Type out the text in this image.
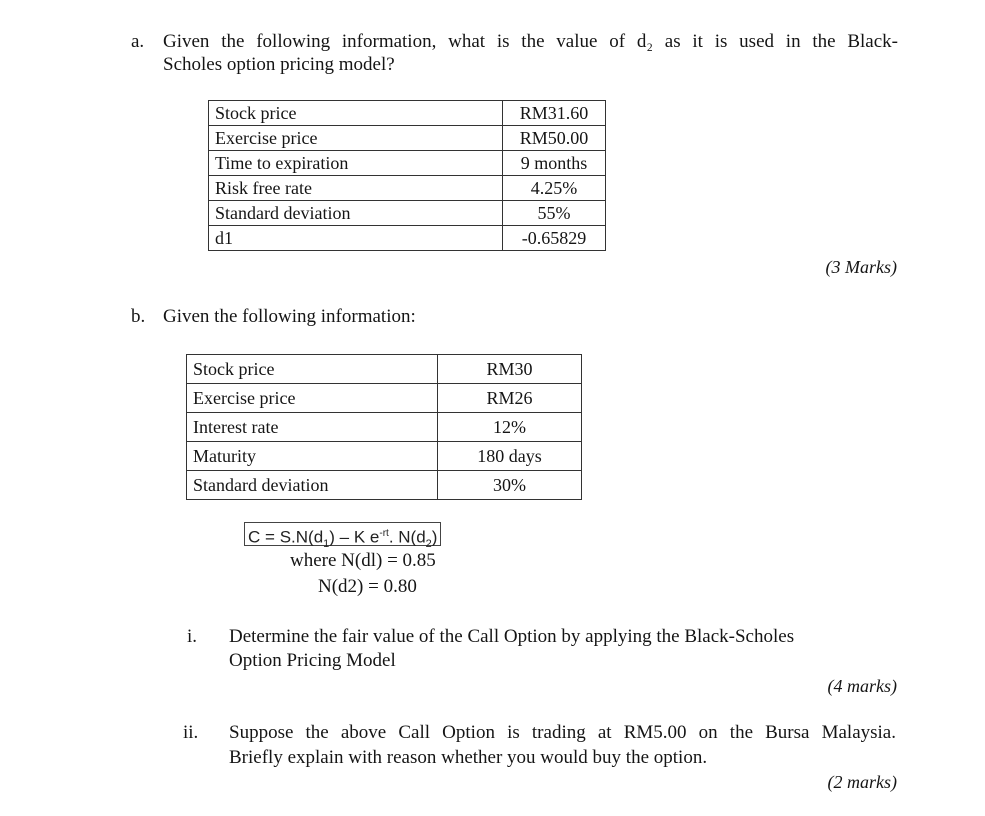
a. Given the following information, what is the value of d₂ as it is used in the Black-
Scholes option pricing model?
Stock price	RM31.60
Exercise price	RM50.00
Time to expiration	9 months
Risk free rate	4.25%
Standard deviation	55%
d1	-0.65829
(3 Marks)
b. Given the following information:
Stock price	RM30
Exercise price	RM26
Interest rate	12%
Maturity	180 days
Standard deviation	30%
$C = S.N(d_1) - K$ $e^{-rt}$. $N(d_2)$
where N(dl) = 0.85
N(d2) = 0.80
i. Determine the fair value of the Call Option by applying the Black-Scholes
Option Pricing Model
(4 marks)
ii. Suppose the above Call Option is trading at RM5.00 on the Bursa Malaysia.
Briefly explain with reason whether you would buy the option.
(2 marks)
